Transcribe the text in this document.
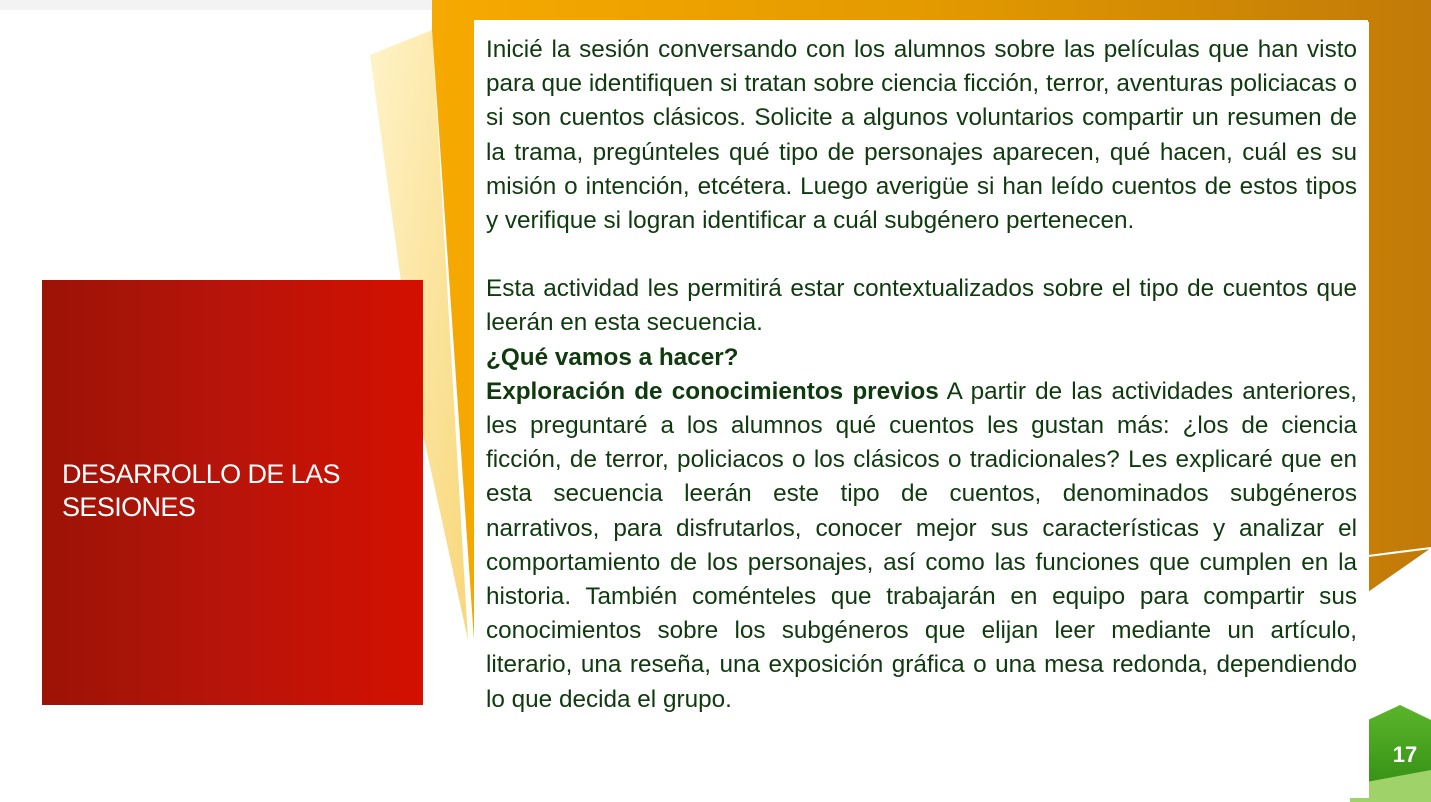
DESARROLLO DE LAS SESIONES

Inicié la sesión conversando con los alumnos sobre las películas que han visto para que identifiquen si tratan sobre ciencia ficción, terror, aventuras policiacas o si son cuentos clásicos. Solicite a algunos voluntarios compartir un resumen de la trama, pregúnteles qué tipo de personajes aparecen, qué hacen, cuál es su misión o intención, etcétera. Luego averigüe si han leído cuentos de estos tipos y verifique si logran identificar a cuál subgénero pertenecen.

Esta actividad les permitirá estar contextualizados sobre el tipo de cuentos que leerán en esta secuencia.

¿Qué vamos a hacer?

Exploración de conocimientos previos A partir de las actividades anteriores, les preguntaré a los alumnos qué cuentos les gustan más: ¿los de ciencia ficción, de terror, policiacos o los clásicos o tradicionales? Les explicaré que en esta secuencia leerán este tipo de cuentos, denominados subgéneros narrativos, para disfrutarlos, conocer mejor sus características y analizar el comportamiento de los personajes, así como las funciones que cumplen en la historia. También coménteles que trabajarán en equipo para compartir sus conocimientos sobre los subgéneros que elijan leer mediante un artículo, literario, una reseña, una exposición gráfica o una mesa redonda, dependiendo lo que decida el grupo.

17
